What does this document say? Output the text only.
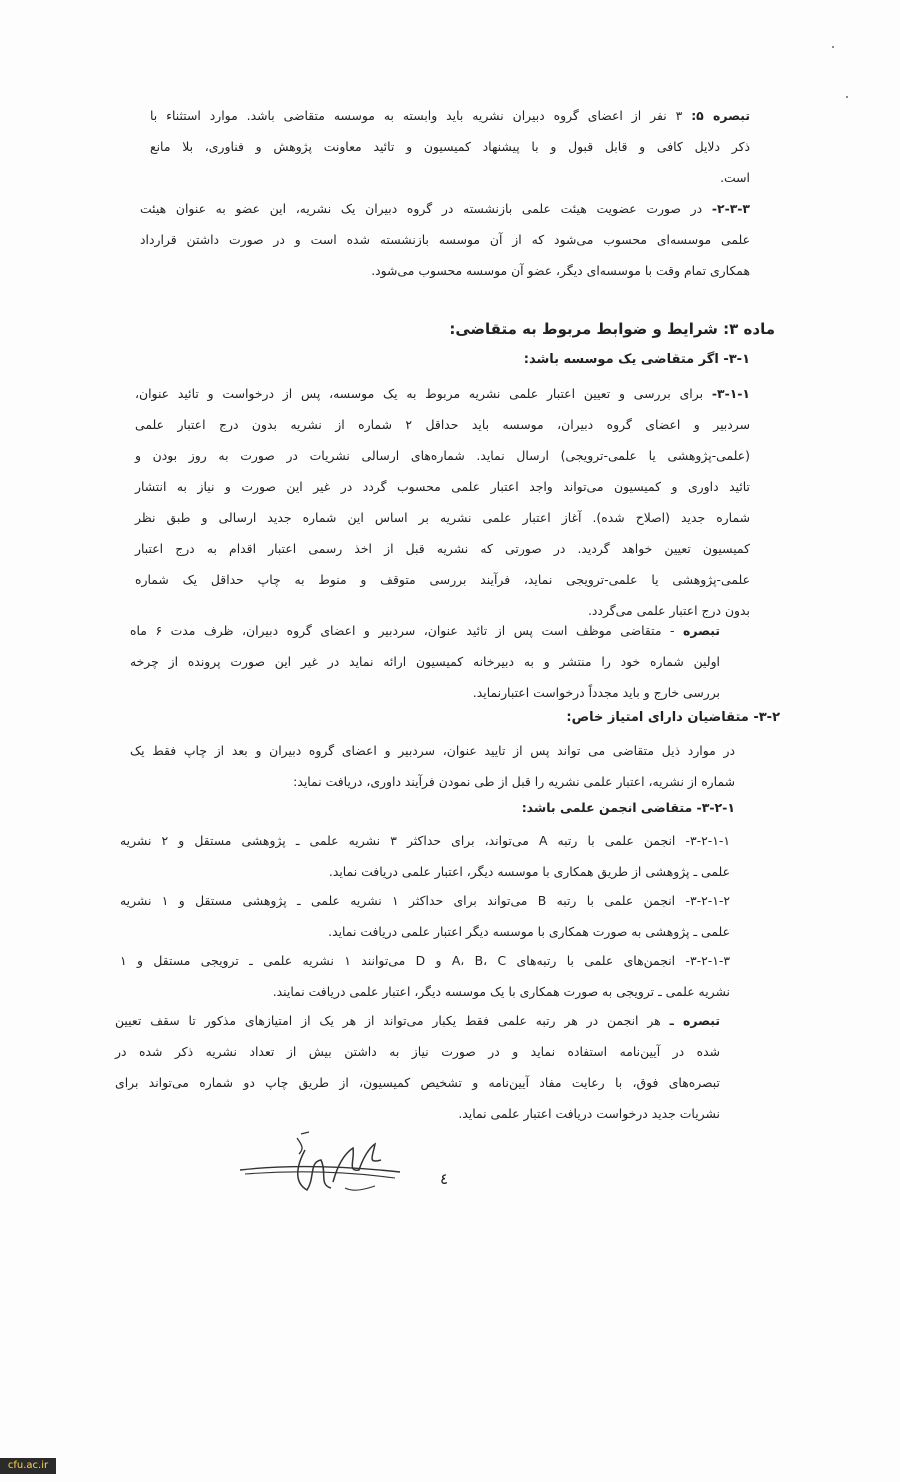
تبصره ۵: ۳ نفر از اعضای گروه دبیران نشریه باید وابسته به موسسه متقاضی باشد. موارد استثناء با
ذکر دلایل کافی و قابل قبول و با پیشنهاد کمیسیون و تائید معاونت پژوهش و فناوری، بلا مانع
است.
۲-۳-۳- در صورت عضویت هیئت علمی بازنشسته در گروه دبیران یک نشریه، این عضو به عنوان هیئت
علمی موسسه‌ای محسوب می‌شود که از آن موسسه بازنشسته شده است و در صورت داشتن قرارداد
همکاری تمام وقت با موسسه‌ای دیگر، عضو آن موسسه محسوب می‌شود.
ماده ۳: شرایط و ضوابط مربوط به متقاضی:
۳-۱- اگر متقاضی یک موسسه باشد:
۳-۱-۱- برای بررسی و تعیین اعتبار علمی نشریه مربوط به یک موسسه، پس از درخواست و تائید عنوان،
سردبیر و اعضای گروه دبیران، موسسه باید حداقل ۲ شماره از نشریه بدون درج اعتبار علمی
(علمی-پژوهشی یا علمی-ترویجی) ارسال نماید. شماره‌های ارسالی نشریات در صورت به روز بودن و
تائید داوری و کمیسیون می‌تواند واجد اعتبار علمی محسوب گردد در غیر این صورت و نیاز به انتشار
شماره جدید (اصلاح شده). آغاز اعتبار علمی نشریه بر اساس این شماره جدید ارسالی و طبق نظر
کمیسیون تعیین خواهد گردید. در صورتی که نشریه قبل از اخذ رسمی اعتبار اقدام به درج اعتبار
علمی-پژوهشی یا علمی-ترویجی نماید، فرآیند بررسی متوقف و منوط به چاپ حداقل یک شماره
بدون درج اعتبار علمی می‌گردد.
تبصره - متقاضی موظف است پس از تائید عنوان، سردبیر و اعضای گروه دبیران، ظرف مدت ۶ ماه
اولین شماره خود را منتشر و به دبیرخانه کمیسیون ارائه نماید در غیر این صورت پرونده از چرخه
بررسی خارج و باید مجدداً درخواست اعتبارنماید.
۳-۲- متقاضیان دارای امتیاز خاص:
در موارد ذیل متقاضی می تواند پس از تایید عنوان، سردبیر و اعضای گروه دبیران و بعد از چاپ فقط یک
شماره از نشریه، اعتبار علمی نشریه را قبل از طی نمودن فرآیند داوری، دریافت نماید:
۳-۲-۱- متقاضی انجمن علمی باشد:
۳-۲-۱-۱- انجمن علمی با رتبه A می‌تواند، برای حداکثر ۳ نشریه علمی ـ پژوهشی مستقل و ۲ نشریه
علمی ـ پژوهشی از طریق همکاری با موسسه دیگر، اعتبار علمی دریافت نماید.
۳-۲-۱-۲- انجمن علمی با رتبه B می‌تواند برای حداکثر ۱ نشریه علمی ـ پژوهشی مستقل و ۱ نشریه
علمی ـ پژوهشی به صورت همکاری با موسسه دیگر اعتبار علمی دریافت نماید.
۳-۲-۱-۳- انجمن‌های علمی با رتبه‌های A، B، C و D می‌توانند ۱ نشریه علمی ـ ترویجی مستقل و ۱
نشریه علمی ـ ترویجی به صورت همکاری با یک موسسه دیگر، اعتبار علمی دریافت نمایند.
تبصره ـ هر انجمن در هر رتبه علمی فقط یکبار می‌تواند از هر یک از امتیازهای مذکور تا سقف تعیین
شده در آیین‌نامه استفاده نماید و در صورت نیاز به داشتن بیش از تعداد نشریه ذکر شده در
تبصره‌های فوق، با رعایت مفاد آیین‌نامه و تشخیص کمیسیون، از طریق چاپ دو شماره می‌تواند برای
نشریات جدید درخواست دریافت اعتبار علمی نماید.
٤
cfu.ac.ir
